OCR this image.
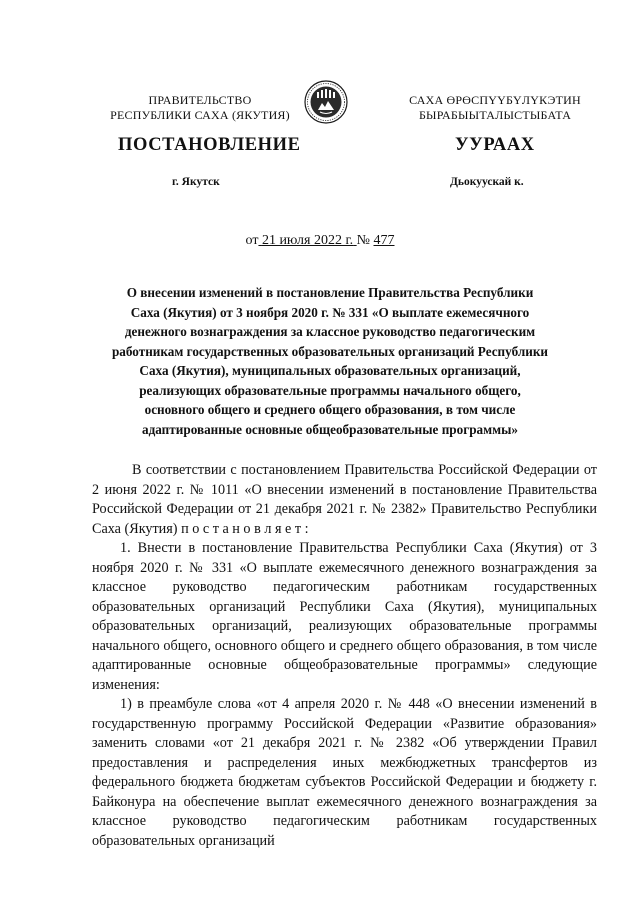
ПРАВИТЕЛЬСТВО
РЕСПУБЛИКИ САХА (ЯКУТИЯ)
САХА ӨРӨСПҮҮБҮЛҮКЭТИН
БЫРАБЫЫТАЛЫСТЫБАТА
ПОСТАНОВЛЕНИЕ	УУРААХ
г. Якутск	Дьокуускай к.
от 21 июля 2022 г. № 477
О внесении изменений в постановление Правительства Республики
Саха (Якутия) от 3 ноября 2020 г. № 331 «О выплате ежемесячного
денежного вознаграждения за классное руководство педагогическим
работникам государственных образовательных организаций Республики
Саха (Якутия), муниципальных образовательных организаций,
реализующих образовательные программы начального общего,
основного общего и среднего общего образования, в том числе
адаптированные основные общеобразовательные программы»

В соответствии с постановлением Правительства Российской Федерации от 2 июня 2022 г. № 1011 «О внесении изменений в постановление Правительства Российской Федерации от 21 декабря 2021 г. № 2382» Правительство Республики Саха (Якутия) п о с т а н о в л я е т :

1. Внести в постановление Правительства Республики Саха (Якутия) от 3 ноября 2020 г. № 331 «О выплате ежемесячного денежного вознаграждения за классное руководство педагогическим работникам государственных образовательных организаций Республики Саха (Якутия), муниципальных образовательных организаций, реализующих образовательные программы начального общего, основного общего и среднего общего образования, в том числе адаптированные основные общеобразовательные программы» следующие изменения:

1) в преамбуле слова «от 4 апреля 2020 г. № 448 «О внесении изменений в государственную программу Российской Федерации «Развитие образования» заменить словами «от 21 декабря 2021 г. № 2382 «Об утверждении Правил предоставления и распределения иных межбюджетных трансфертов из федерального бюджета бюджетам субъектов Российской Федерации и бюджету г. Байконура на обеспечение выплат ежемесячного денежного вознаграждения за классное руководство педагогическим работникам государственных образовательных организаций
